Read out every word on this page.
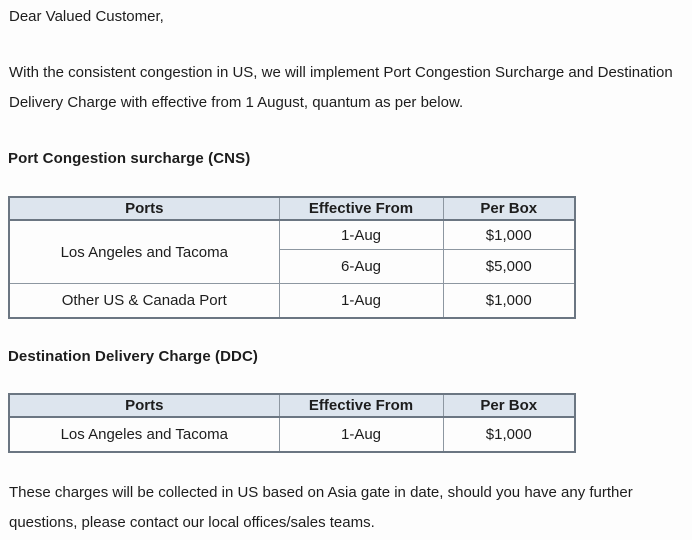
Dear Valued Customer,
With the consistent congestion in US, we will implement Port Congestion Surcharge and Destination
Delivery Charge with effective from 1 August, quantum as per below.
Port Congestion surcharge (CNS)
Ports	Effective From	Per Box
Los Angeles and Tacoma	1-Aug	$1,000
	6-Aug	$5,000
Other US & Canada Port	1-Aug	$1,000
Destination Delivery Charge (DDC)
Ports	Effective From	Per Box
Los Angeles and Tacoma	1-Aug	$1,000
These charges will be collected in US based on Asia gate in date, should you have any further
questions, please contact our local offices/sales teams.
